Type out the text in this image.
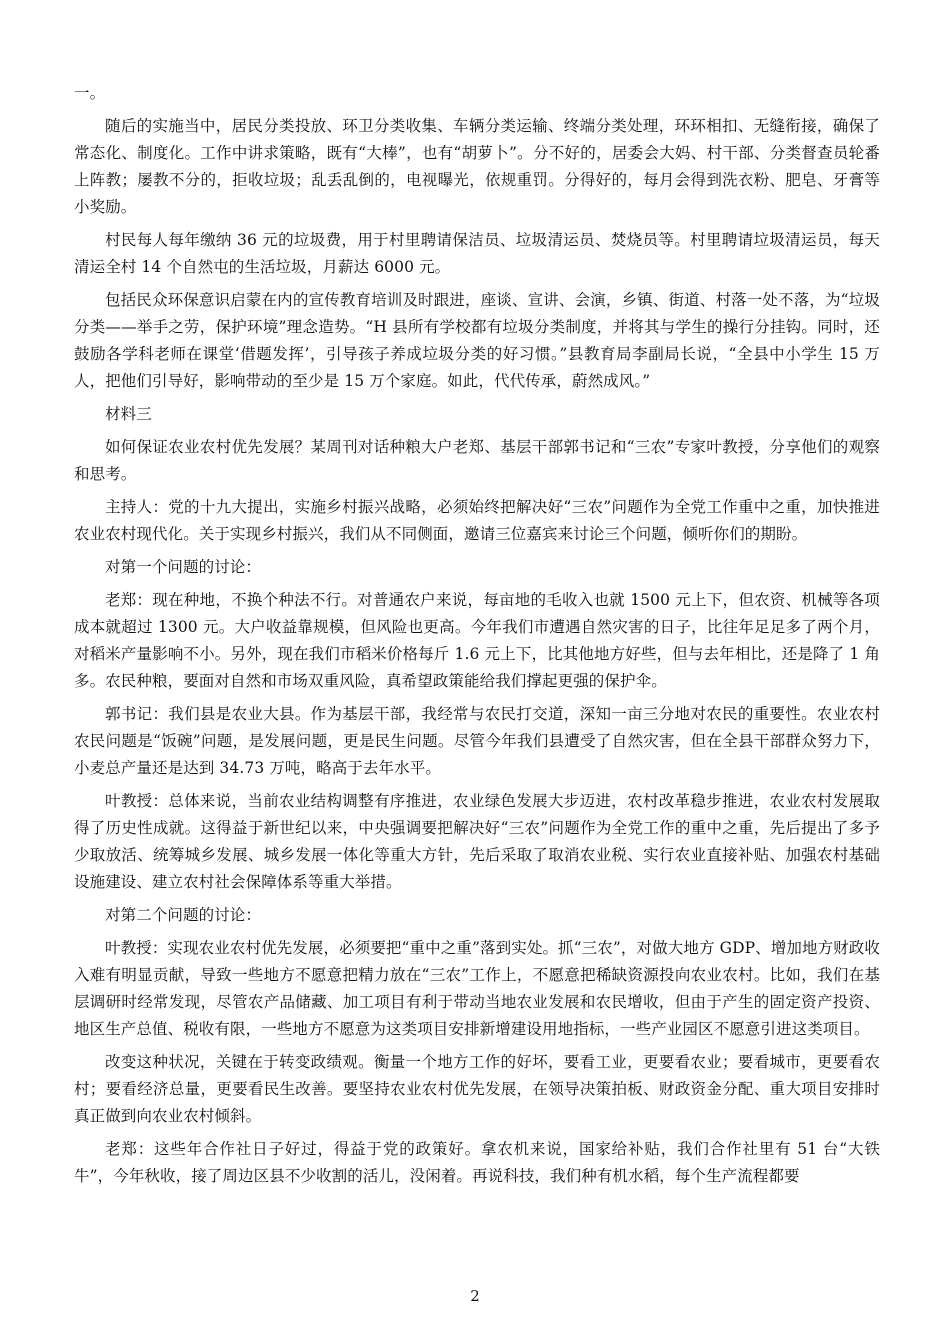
一。

随后的实施当中，居民分类投放、环卫分类收集、车辆分类运输、终端分类处理，环环相扣、无缝衔接，确保了常态化、制度化。工作中讲求策略，既有“大棒”，也有“胡萝卜”。分不好的，居委会大妈、村干部、分类督查员轮番上阵教；屡教不分的，拒收垃圾；乱丢乱倒的，电视曝光，依规重罚。分得好的，每月会得到洗衣粉、肥皂、牙膏等小奖励。

村民每人每年缴纳 36 元的垃圾费，用于村里聘请保洁员、垃圾清运员、焚烧员等。村里聘请垃圾清运员，每天清运全村 14 个自然屯的生活垃圾，月薪达 6000 元。

包括民众环保意识启蒙在内的宣传教育培训及时跟进，座谈、宣讲、会演，乡镇、街道、村落一处不落，为“垃圾分类——举手之劳，保护环境”理念造势。“H 县所有学校都有垃圾分类制度，并将其与学生的操行分挂钩。同时，还鼓励各学科老师在课堂‘借题发挥’，引导孩子养成垃圾分类的好习惯。”县教育局李副局长说，“全县中小学生 15 万人，把他们引导好，影响带动的至少是 15 万个家庭。如此，代代传承，蔚然成风。”

材料三

如何保证农业农村优先发展？某周刊对话种粮大户老郑、基层干部郭书记和“三农”专家叶教授，分享他们的观察和思考。

主持人：党的十九大提出，实施乡村振兴战略，必须始终把解决好“三农”问题作为全党工作重中之重，加快推进农业农村现代化。关于实现乡村振兴，我们从不同侧面，邀请三位嘉宾来讨论三个问题，倾听你们的期盼。

对第一个问题的讨论：

老郑：现在种地，不换个种法不行。对普通农户来说，每亩地的毛收入也就 1500 元上下，但农资、机械等各项成本就超过 1300 元。大户收益靠规模，但风险也更高。今年我们市遭遇自然灾害的日子，比往年足足多了两个月，对稻米产量影响不小。另外，现在我们市稻米价格每斤 1.6 元上下，比其他地方好些，但与去年相比，还是降了 1 角多。农民种粮，要面对自然和市场双重风险，真希望政策能给我们撑起更强的保护伞。

郭书记：我们县是农业大县。作为基层干部，我经常与农民打交道，深知一亩三分地对农民的重要性。农业农村农民问题是“饭碗”问题，是发展问题，更是民生问题。尽管今年我们县遭受了自然灾害，但在全县干部群众努力下，小麦总产量还是达到 34.73 万吨，略高于去年水平。

叶教授：总体来说，当前农业结构调整有序推进，农业绿色发展大步迈进，农村改革稳步推进，农业农村发展取得了历史性成就。这得益于新世纪以来，中央强调要把解决好“三农”问题作为全党工作的重中之重，先后提出了多予少取放活、统筹城乡发展、城乡发展一体化等重大方针，先后采取了取消农业税、实行农业直接补贴、加强农村基础设施建设、建立农村社会保障体系等重大举措。

对第二个问题的讨论：

叶教授：实现农业农村优先发展，必须要把“重中之重”落到实处。抓“三农”，对做大地方 GDP、增加地方财政收入难有明显贡献，导致一些地方不愿意把精力放在“三农”工作上，不愿意把稀缺资源投向农业农村。比如，我们在基层调研时经常发现，尽管农产品储藏、加工项目有利于带动当地农业发展和农民增收，但由于产生的固定资产投资、地区生产总值、税收有限，一些地方不愿意为这类项目安排新增建设用地指标，一些产业园区不愿意引进这类项目。

改变这种状况，关键在于转变政绩观。衡量一个地方工作的好坏，要看工业，更要看农业；要看城市，更要看农村；要看经济总量，更要看民生改善。要坚持农业农村优先发展，在领导决策拍板、财政资金分配、重大项目安排时真正做到向农业农村倾斜。

老郑：这些年合作社日子好过，得益于党的政策好。拿农机来说，国家给补贴，我们合作社里有 51 台“大铁牛”，今年秋收，接了周边区县不少收割的活儿，没闲着。再说科技，我们种有机水稻，每个生产流程都要

2
